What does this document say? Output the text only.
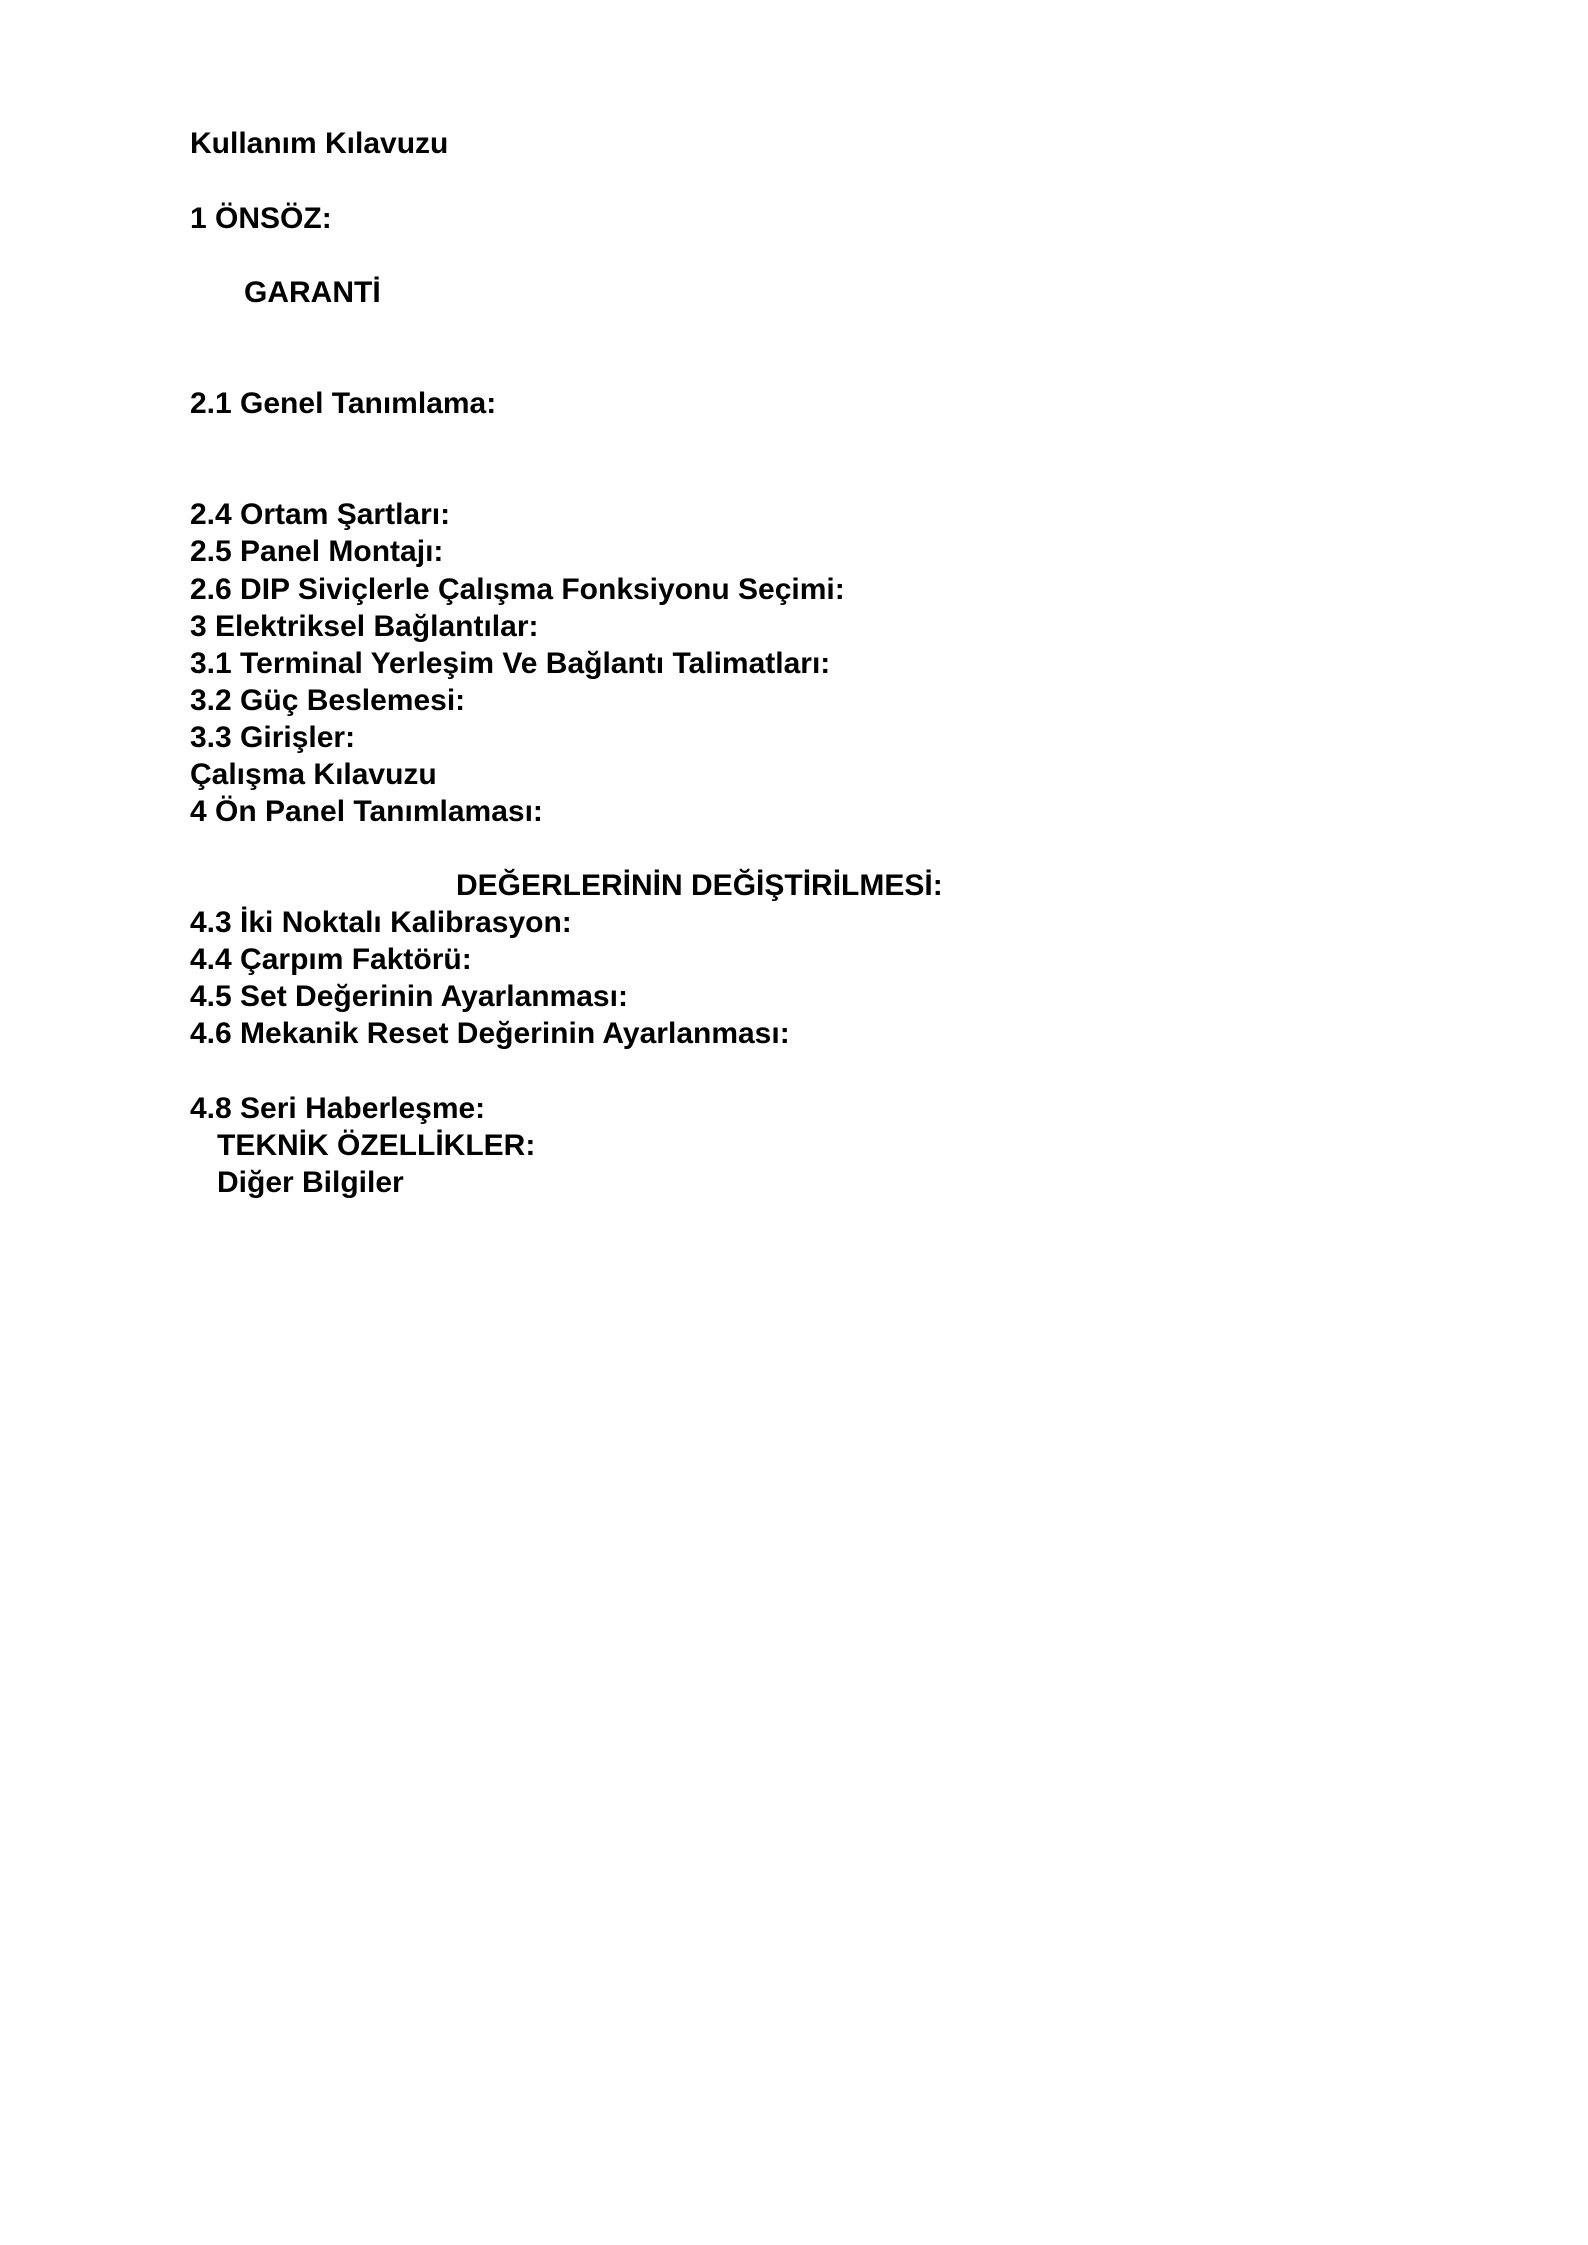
Kullanım Kılavuzu

1 ÖNSÖZ:

GARANTİ

2.1 Genel Tanımlama:

2.4 Ortam Şartları:

2.5 Panel Montajı:

2.6 DIP Siviçlerle Çalışma Fonksiyonu Seçimi:

3 Elektriksel Bağlantılar:

3.1 Terminal Yerleşim Ve Bağlantı Talimatları:

3.2 Güç Beslemesi:

3.3 Girişler:

Çalışma Kılavuzu

4 Ön Panel Tanımlaması:

DEĞERLERİNİN DEĞİŞTİRİLMESİ:

4.3 İki Noktalı Kalibrasyon:

4.4 Çarpım Faktörü:

4.5 Set Değerinin Ayarlanması:

4.6 Mekanik Reset Değerinin Ayarlanması:

4.8 Seri Haberleşme:

TEKNİK ÖZELLİKLER:

Diğer Bilgiler
